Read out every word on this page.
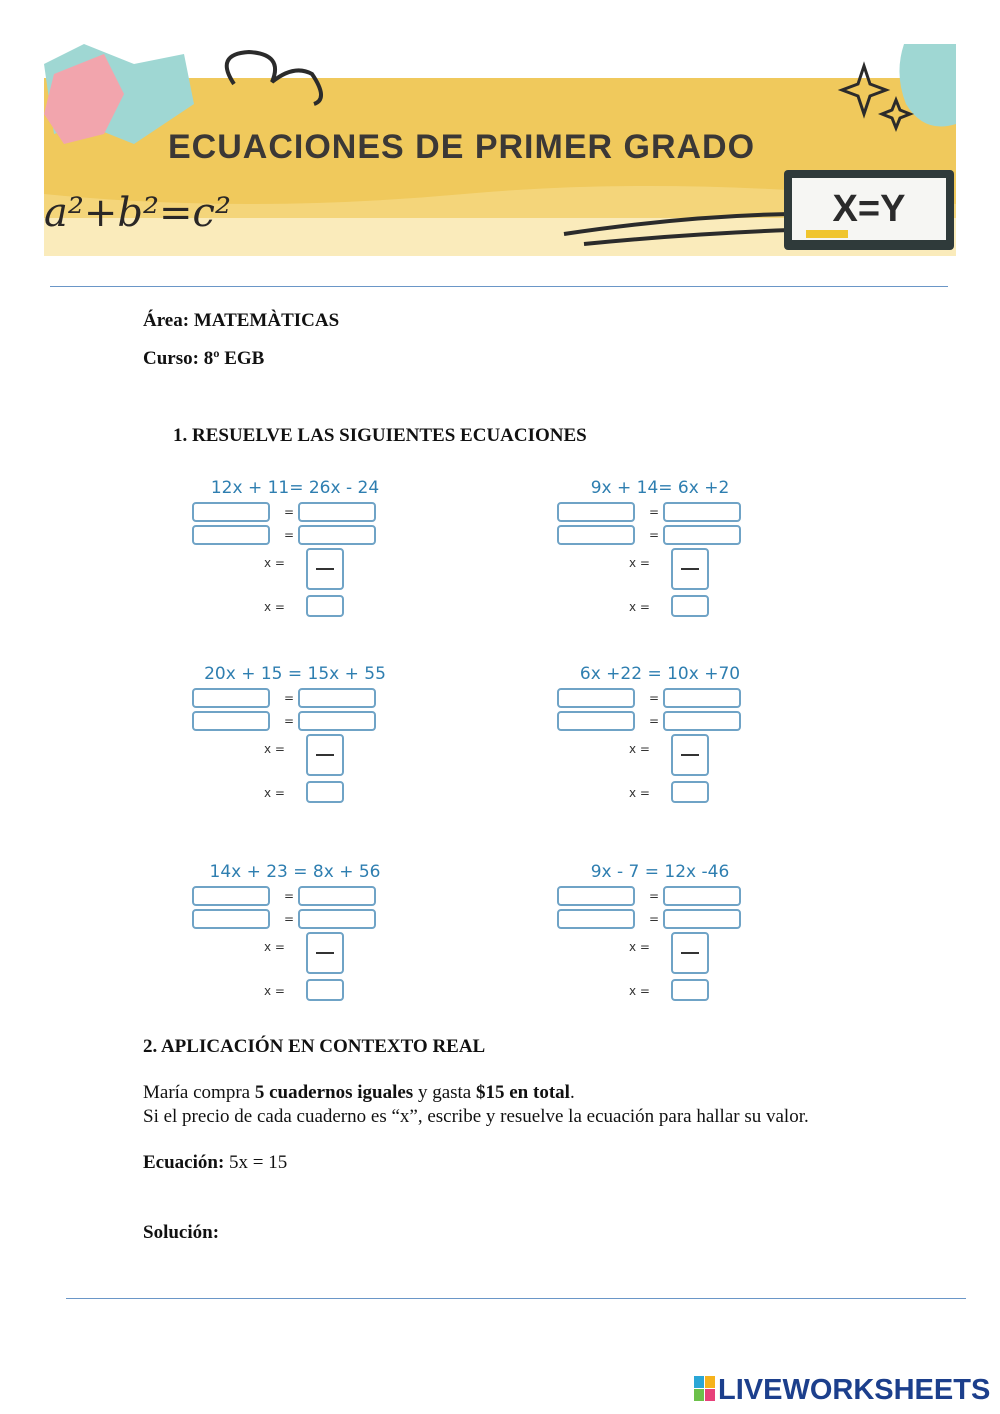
ECUACIONES DE PRIMER GRADO
a²+b²=c²	X=Y
Área: MATEMÀTICAS
Curso: 8º EGB
1. RESUELVE LAS SIGUIENTES ECUACIONES
12x + 11= 26x - 24
=
=
x =
x =
9x + 14= 6x +2
=
=
x =
x =
20x + 15 = 15x + 55
=
=
x =
x =
6x +22 = 10x +70
=
=
x =
x =
14x + 23 = 8x + 56
=
=
x =
x =
9x - 7 = 12x -46
=
=
x =
x =
2. APLICACIÓN EN CONTEXTO REAL
María compra 5 cuadernos iguales y gasta $15 en total.
Si el precio de cada cuaderno es “x”, escribe y resuelve la ecuación para hallar su valor.
Ecuación: 5x = 15
Solución:
LIVEWORKSHEETS
